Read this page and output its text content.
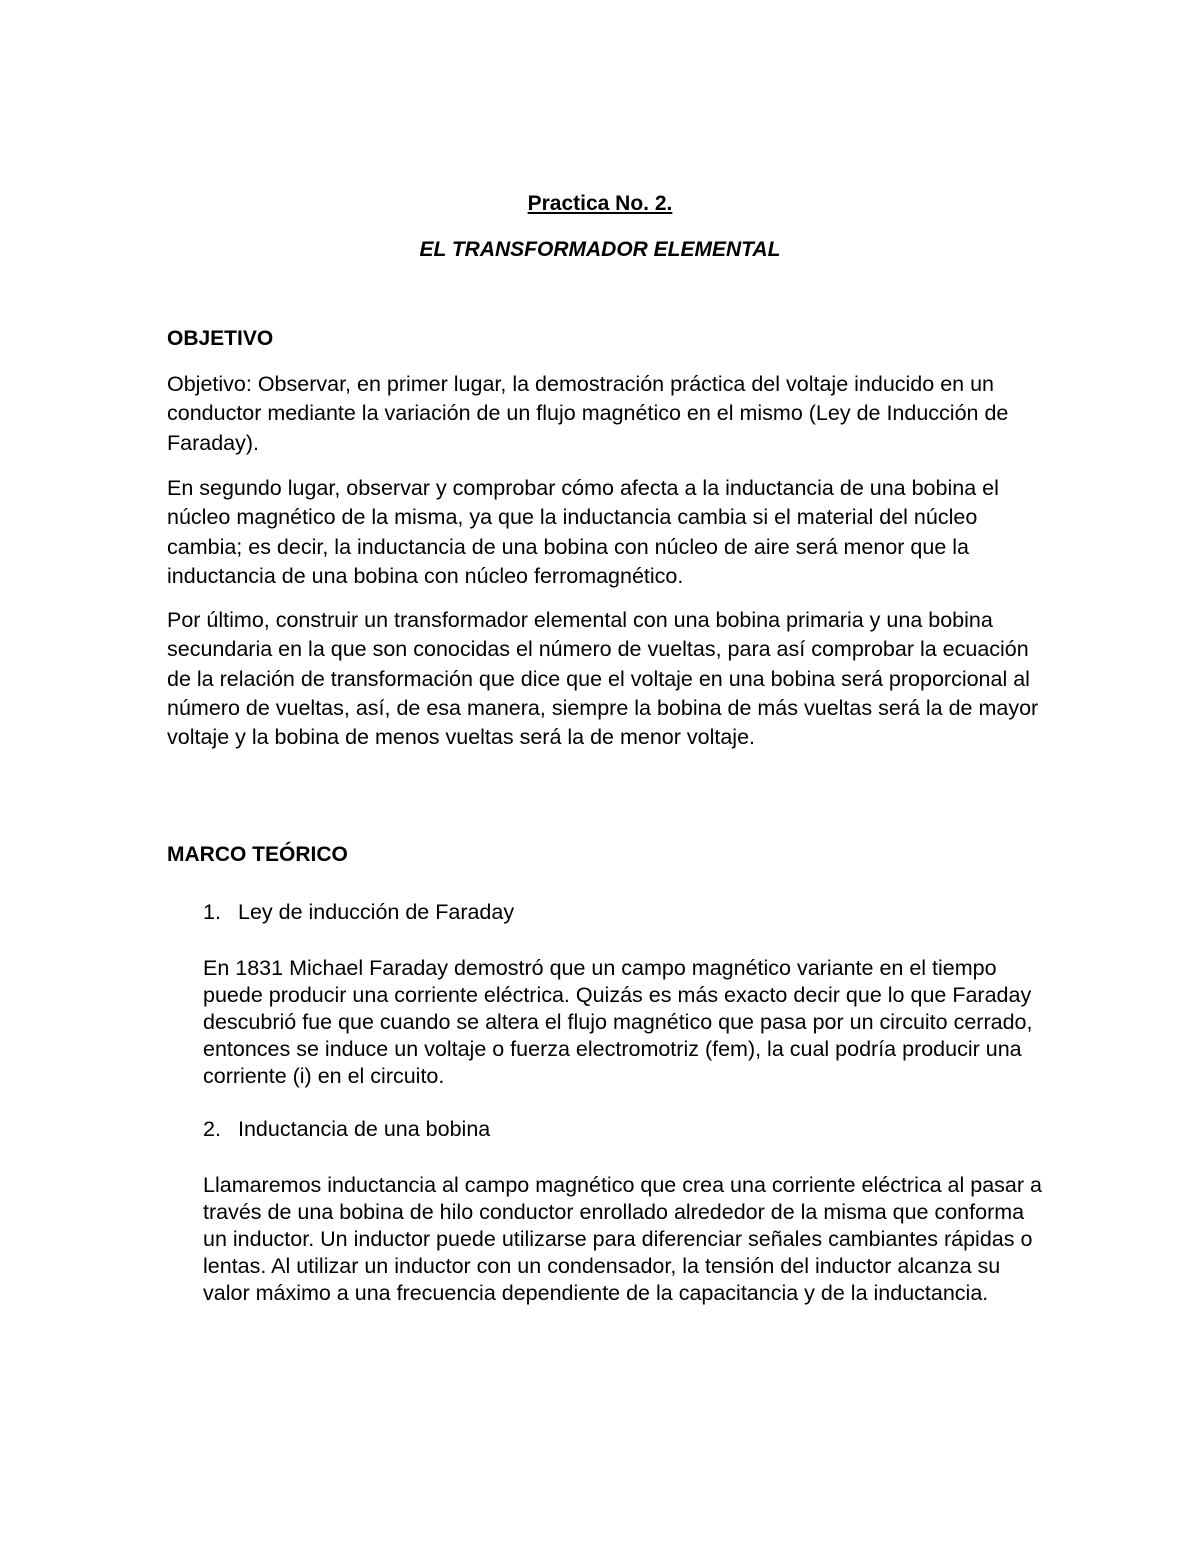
Practica No. 2.
EL TRANSFORMADOR ELEMENTAL
OBJETIVO

Objetivo: Observar, en primer lugar, la demostración práctica del voltaje inducido en un conductor mediante la variación de un flujo magnético en el mismo (Ley de Inducción de Faraday).

En segundo lugar, observar y comprobar cómo afecta a la inductancia de una bobina el núcleo magnético de la misma, ya que la inductancia cambia si el material del núcleo cambia; es decir, la inductancia de una bobina con núcleo de aire será menor que la inductancia de una bobina con núcleo ferromagnético.

Por último, construir un transformador elemental con una bobina primaria y una bobina secundaria en la que son conocidas el número de vueltas, para así comprobar la ecuación de la relación de transformación que dice que el voltaje en una bobina será proporcional al número de vueltas, así, de esa manera, siempre la bobina de más vueltas será la de mayor voltaje y la bobina de menos vueltas será la de menor voltaje.

MARCO TEÓRICO
1. Ley de inducción de Faraday

En 1831 Michael Faraday demostró que un campo magnético variante en el tiempo puede producir una corriente eléctrica. Quizás es más exacto decir que lo que Faraday descubrió fue que cuando se altera el flujo magnético que pasa por un circuito cerrado, entonces se induce un voltaje o fuerza electromotriz (fem), la cual podría producir una corriente (i) en el circuito.

2. Inductancia de una bobina

Llamaremos inductancia al campo magnético que crea una corriente eléctrica al pasar a través de una bobina de hilo conductor enrollado alrededor de la misma que conforma un inductor. Un inductor puede utilizarse para diferenciar señales cambiantes rápidas o lentas. Al utilizar un inductor con un condensador, la tensión del inductor alcanza su valor máximo a una frecuencia dependiente de la capacitancia y de la inductancia.
